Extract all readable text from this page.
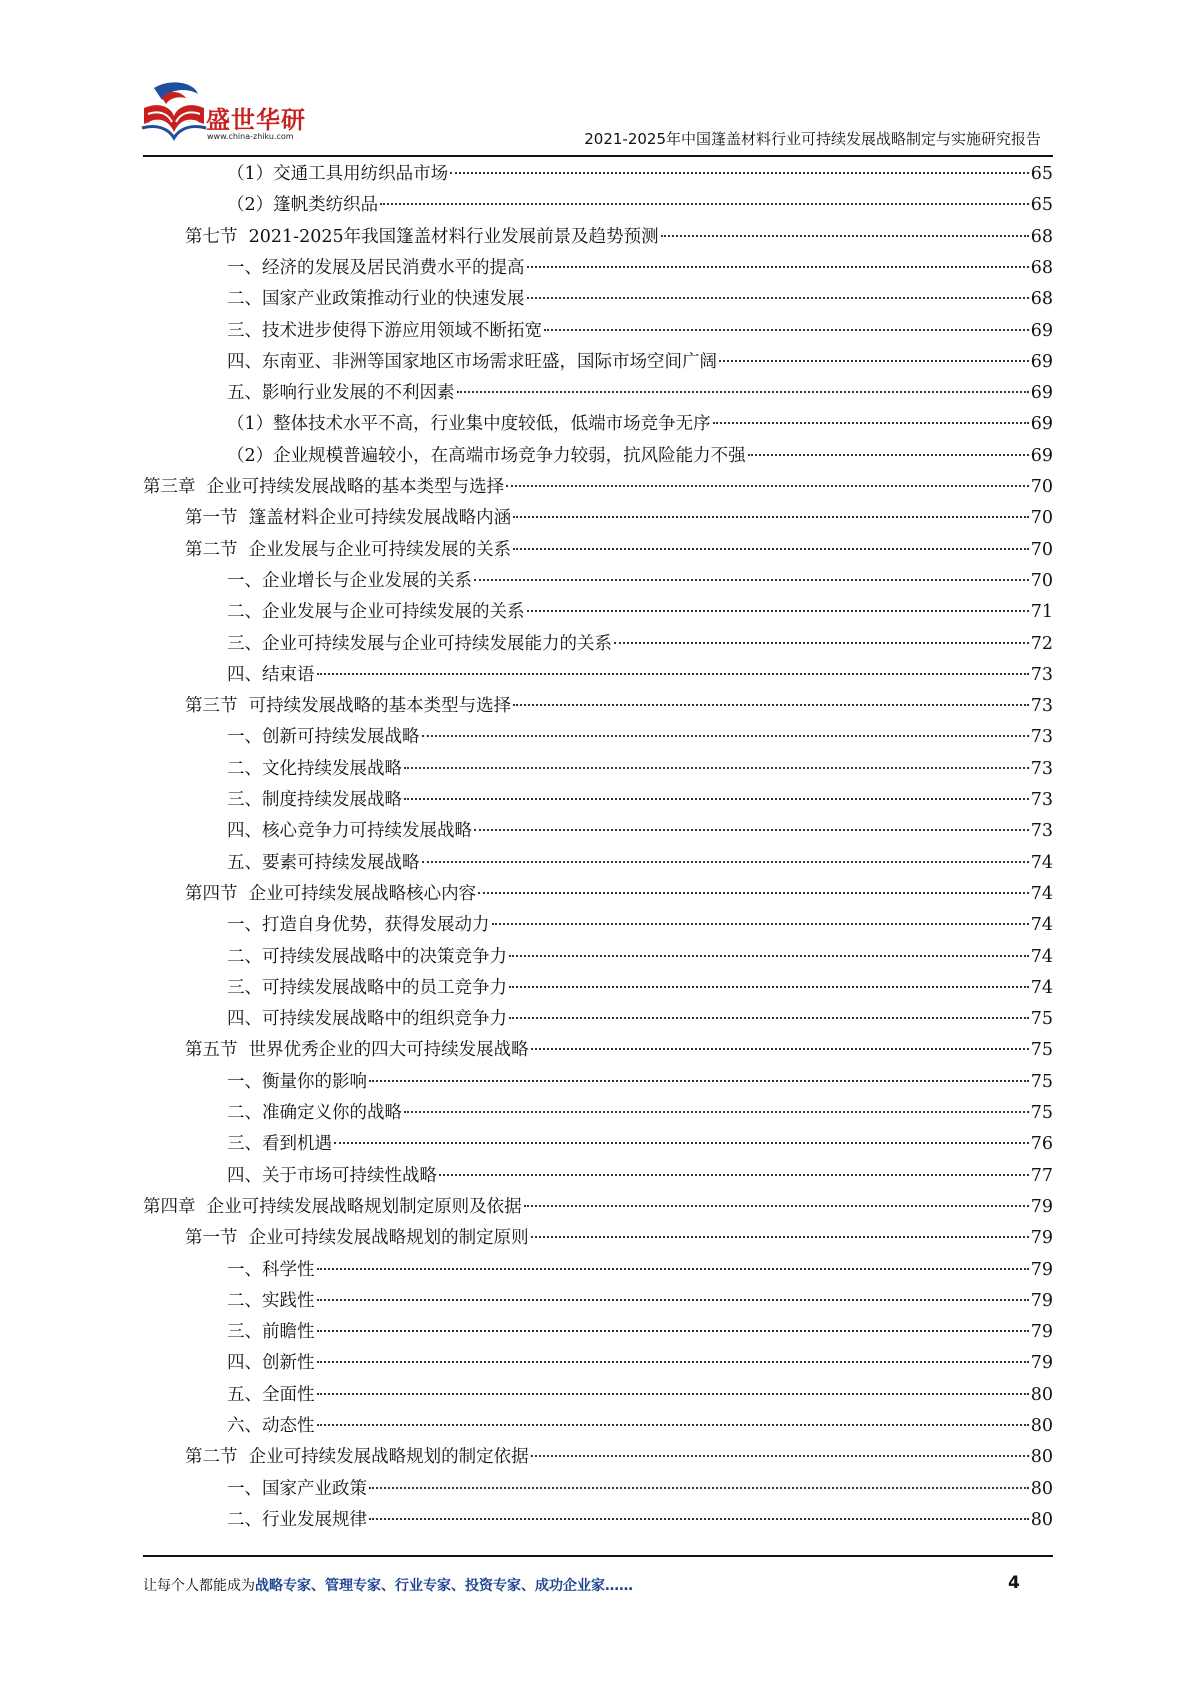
盛世华研
www.china-zhiku.com	2021-2025年中国篷盖材料行业可持续发展战略制定与实施研究报告
（1）交通工具用纺织品市场	65
（2）篷帆类纺织品	65
第七节  2021-2025年我国篷盖材料行业发展前景及趋势预测	68
一、经济的发展及居民消费水平的提高	68
二、国家产业政策推动行业的快速发展	68
三、技术进步使得下游应用领域不断拓宽	69
四、东南亚、非洲等国家地区市场需求旺盛，国际市场空间广阔	69
五、影响行业发展的不利因素	69
（1）整体技术水平不高，行业集中度较低，低端市场竞争无序	69
（2）企业规模普遍较小，在高端市场竞争力较弱，抗风险能力不强	69
第三章  企业可持续发展战略的基本类型与选择	70
第一节  篷盖材料企业可持续发展战略内涵	70
第二节  企业发展与企业可持续发展的关系	70
一、企业增长与企业发展的关系	70
二、企业发展与企业可持续发展的关系	71
三、企业可持续发展与企业可持续发展能力的关系	72
四、结束语	73
第三节  可持续发展战略的基本类型与选择	73
一、创新可持续发展战略	73
二、文化持续发展战略	73
三、制度持续发展战略	73
四、核心竞争力可持续发展战略	73
五、要素可持续发展战略	74
第四节  企业可持续发展战略核心内容	74
一、打造自身优势，获得发展动力	74
二、可持续发展战略中的决策竞争力	74
三、可持续发展战略中的员工竞争力	74
四、可持续发展战略中的组织竞争力	75
第五节  世界优秀企业的四大可持续发展战略	75
一、衡量你的影响	75
二、准确定义你的战略	75
三、看到机遇	76
四、关于市场可持续性战略	77
第四章  企业可持续发展战略规划制定原则及依据	79
第一节  企业可持续发展战略规划的制定原则	79
一、科学性	79
二、实践性	79
三、前瞻性	79
四、创新性	79
五、全面性	80
六、动态性	80
第二节  企业可持续发展战略规划的制定依据	80
一、国家产业政策	80
二、行业发展规律	80
让每个人都能成为战略专家、管理专家、行业专家、投资专家、成功企业家……	4
